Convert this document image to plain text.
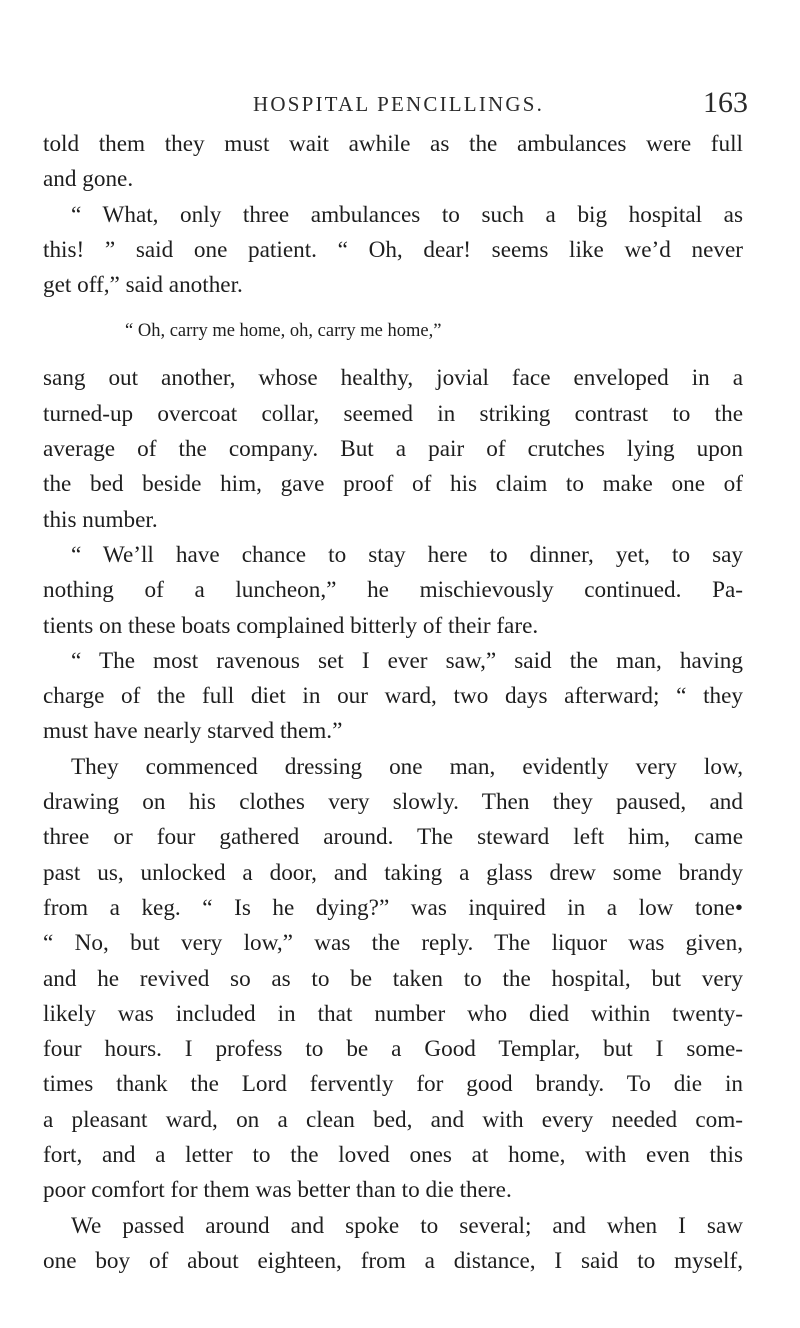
HOSPITAL PENCILLINGS.	163
told them they must wait awhile as the ambulances were full
and gone.
“ What, only three ambulances to such a big hospital as
this! ” said one patient. “ Oh, dear! seems like we’d never
get off,” said another.
“ Oh, carry me home, oh, carry me home,”
sang out another, whose healthy, jovial face enveloped in a
turned-up overcoat collar, seemed in striking contrast to the
average of the company. But a pair of crutches lying upon
the bed beside him, gave proof of his claim to make one of
this number.
“ We’ll have chance to stay here to dinner, yet, to say
nothing of a luncheon,” he mischievously continued. Pa-
tients on these boats complained bitterly of their fare.
“ The most ravenous set I ever saw,” said the man, having
charge of the full diet in our ward, two days afterward; “ they
must have nearly starved them.”
They commenced dressing one man, evidently very low,
drawing on his clothes very slowly. Then they paused, and
three or four gathered around. The steward left him, came
past us, unlocked a door, and taking a glass drew some brandy
from a keg. “ Is he dying?” was inquired in a low tone•
“ No, but very low,” was the reply. The liquor was given,
and he revived so as to be taken to the hospital, but very
likely was included in that number who died within twenty-
four hours. I profess to be a Good Templar, but I some-
times thank the Lord fervently for good brandy. To die in
a pleasant ward, on a clean bed, and with every needed com-
fort, and a letter to the loved ones at home, with even this
poor comfort for them was better than to die there.
We passed around and spoke to several; and when I saw
one boy of about eighteen, from a distance, I said to myself,
